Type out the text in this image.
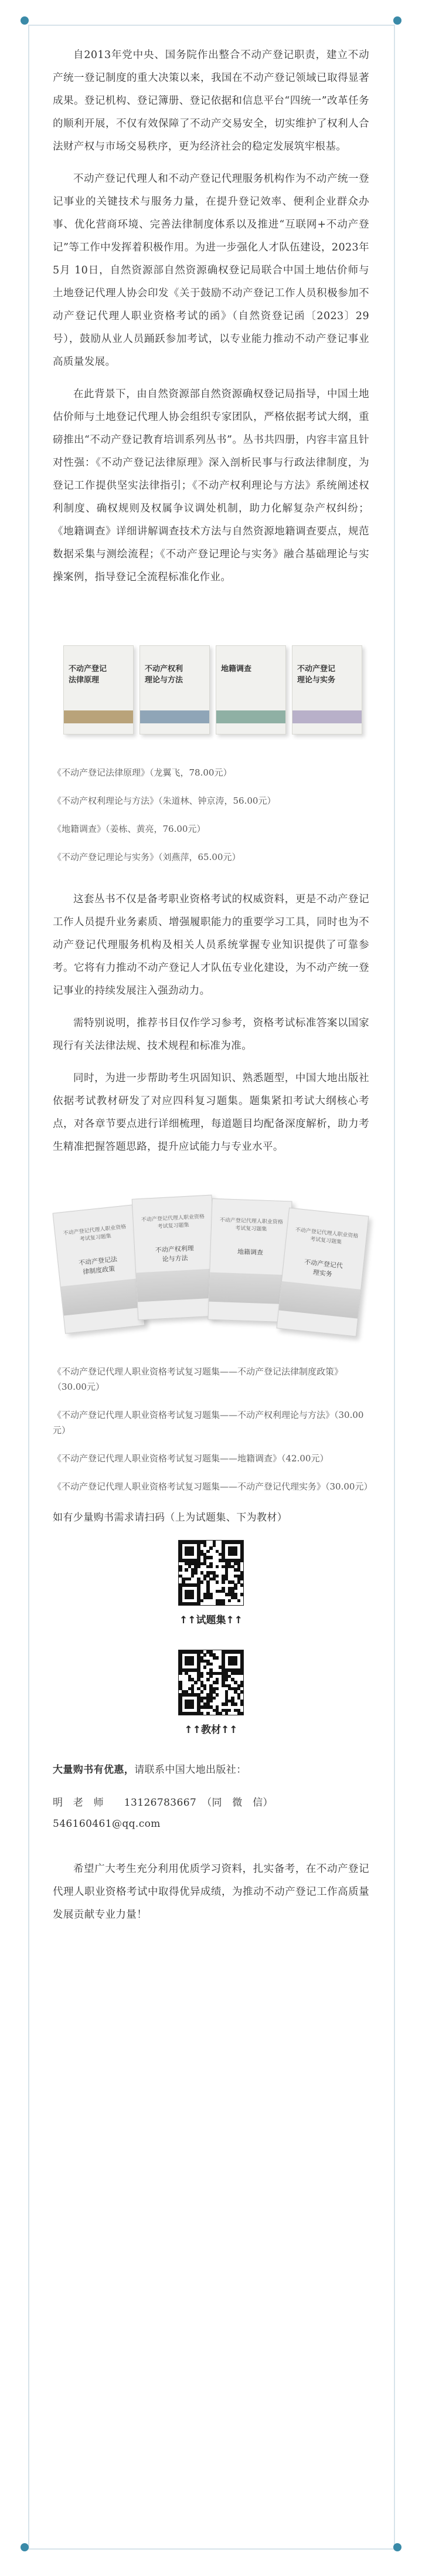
自2013年党中央、国务院作出整合不动产登记职责，建立不动产统一登记制度的重大决策以来，我国在不动产登记领域已取得显著成果。登记机构、登记簿册、登记依据和信息平台“四统一”改革任务的顺利开展，不仅有效保障了不动产交易安全，切实维护了权利人合法财产权与市场交易秩序，更为经济社会的稳定发展筑牢根基。

不动产登记代理人和不动产登记代理服务机构作为不动产统一登记事业的关键技术与服务力量，在提升登记效率、便利企业群众办事、优化营商环境、完善法律制度体系以及推进“互联网+不动产登记”等工作中发挥着积极作用。为进一步强化人才队伍建设，2023年 5月 10日，自然资源部自然资源确权登记局联合中国土地估价师与土地登记代理人协会印发《关于鼓励不动产登记工作人员积极参加不动产登记代理人职业资格考试的函》（自然资登记函〔2023〕29 号），鼓励从业人员踊跃参加考试，以专业能力推动不动产登记事业高质量发展。

在此背景下，由自然资源部自然资源确权登记局指导，中国土地估价师与土地登记代理人协会组织专家团队，严格依据考试大纲，重磅推出“不动产登记教育培训系列丛书”。丛书共四册，内容丰富且针对性强：《不动产登记法律原理》深入剖析民事与行政法律制度，为登记工作提供坚实法律指引；《不动产权利理论与方法》系统阐述权利制度、确权规则及权属争议调处机制，助力化解复杂产权纠纷；《地籍调查》详细讲解调查技术方法与自然资源地籍调查要点，规范数据采集与测绘流程；《不动产登记理论与实务》融合基础理论与实操案例，指导登记全流程标准化作业。

不动产登记
法律原理
不动产权利
理论与方法
地籍调查	不动产登记
理论与实务

《不动产登记法律原理》（龙翼飞，78.00元）

《不动产权利理论与方法》（朱道林、钟京涛，56.00元）

《地籍调查》（姜栋、黄亮，76.00元）

《不动产登记理论与实务》（刘燕萍，65.00元）

这套丛书不仅是备考职业资格考试的权威资料，更是不动产登记工作人员提升业务素质、增强履职能力的重要学习工具，同时也为不动产登记代理服务机构及相关人员系统掌握专业知识提供了可靠参考。它将有力推动不动产登记人才队伍专业化建设，为不动产统一登记事业的持续发展注入强劲动力。

需特别说明，推荐书目仅作学习参考，资格考试标准答案以国家现行有关法律法规、技术规程和标准为准。

同时，为进一步帮助考生巩固知识、熟悉题型，中国大地出版社依据考试教材研发了对应四科复习题集。题集紧扣考试大纲核心考点，对各章节要点进行详细梳理，每道题目均配备深度解析，助力考生精准把握答题思路，提升应试能力与专业水平。

不动产登记代理人职业资格考试复习题集
不动产登记法律制度政策
不动产登记代理人职业资格考试复习题集
不动产权利理论与方法
不动产登记代理人职业资格考试复习题集
地籍调查
不动产登记代理人职业资格考试复习题集
不动产登记代理实务

《不动产登记代理人职业资格考试复习题集——不动产登记法律制度政策》（30.00元）

《不动产登记代理人职业资格考试复习题集——不动产权利理论与方法》（30.00元）

《不动产登记代理人职业资格考试复习题集——地籍调查》（42.00元）

《不动产登记代理人职业资格考试复习题集——不动产登记代理实务》（30.00元）

如有少量购书需求请扫码（上为试题集、下为教材）

↑↑试题集↑↑
↑↑教材↑↑

大量购书有优惠，请联系中国大地出版社：

明　老　师　　13126783667　（同　微　信）

546160461@qq.com

希望广大考生充分利用优质学习资料，扎实备考，在不动产登记代理人职业资格考试中取得优异成绩，为推动不动产登记工作高质量发展贡献专业力量！
